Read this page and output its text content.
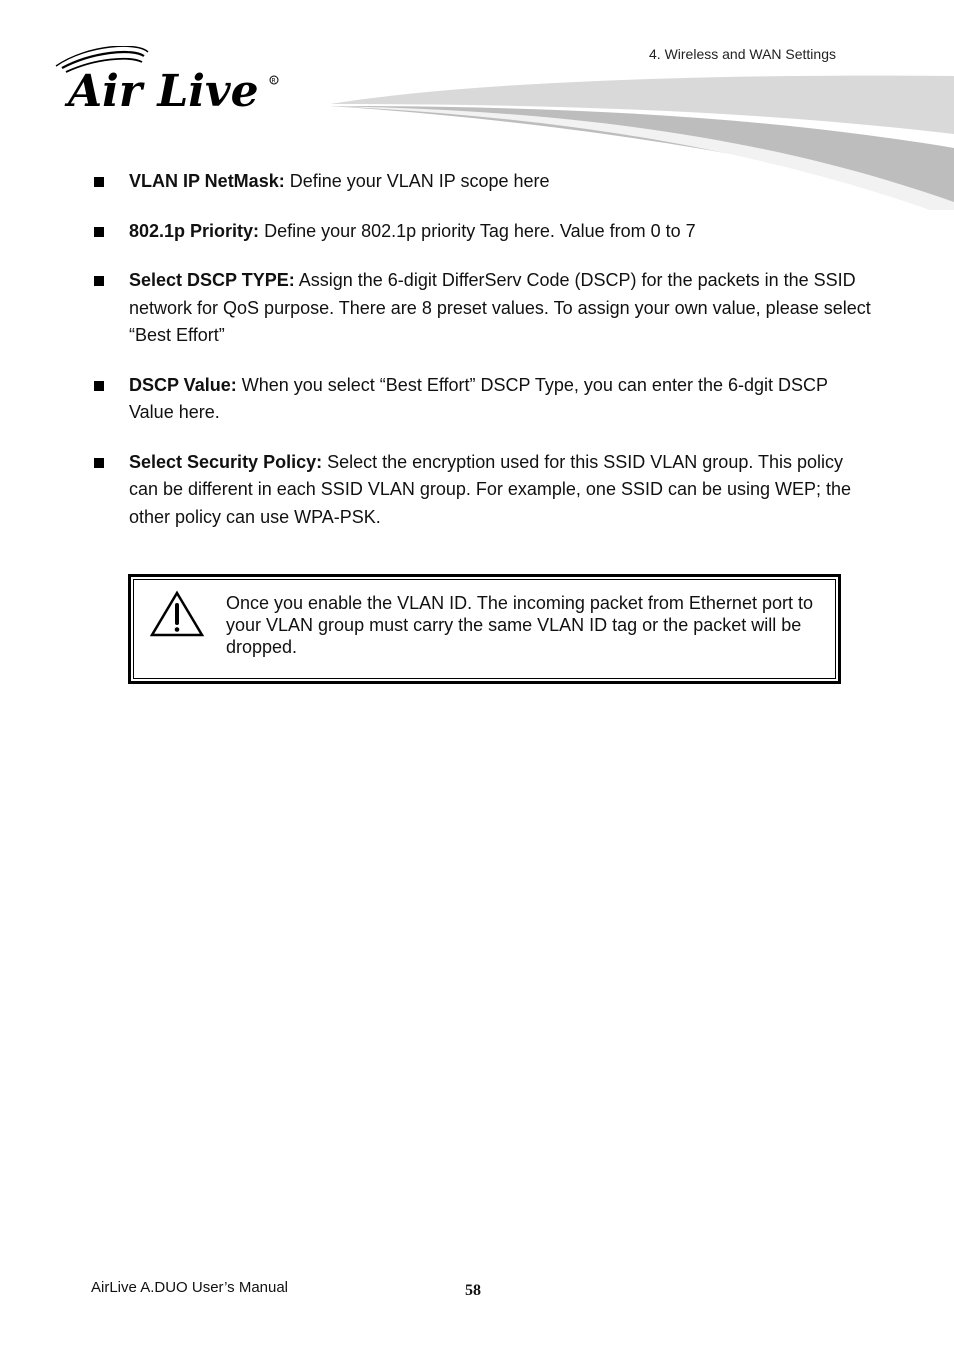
Air Live R
4. Wireless and WAN Settings
VLAN IP NetMask: Define your VLAN IP scope here
802.1p Priority: Define your 802.1p priority Tag here. Value from 0 to 7
Select DSCP TYPE: Assign the 6-digit DifferServ Code (DSCP) for the packets in the SSID network for QoS purpose. There are 8 preset values. To assign your own value, please select “Best Effort”
DSCP Value: When you select “Best Effort” DSCP Type, you can enter the 6-dgit DSCP Value here.
Select Security Policy: Select the encryption used for this SSID VLAN group. This policy can be different in each SSID VLAN group. For example, one SSID can be using WEP; the other policy can use WPA-PSK.
Once you enable the VLAN ID. The incoming packet from Ethernet port to your VLAN group must carry the same VLAN ID tag or the packet will be dropped.
AirLive A.DUO User’s Manual	58
